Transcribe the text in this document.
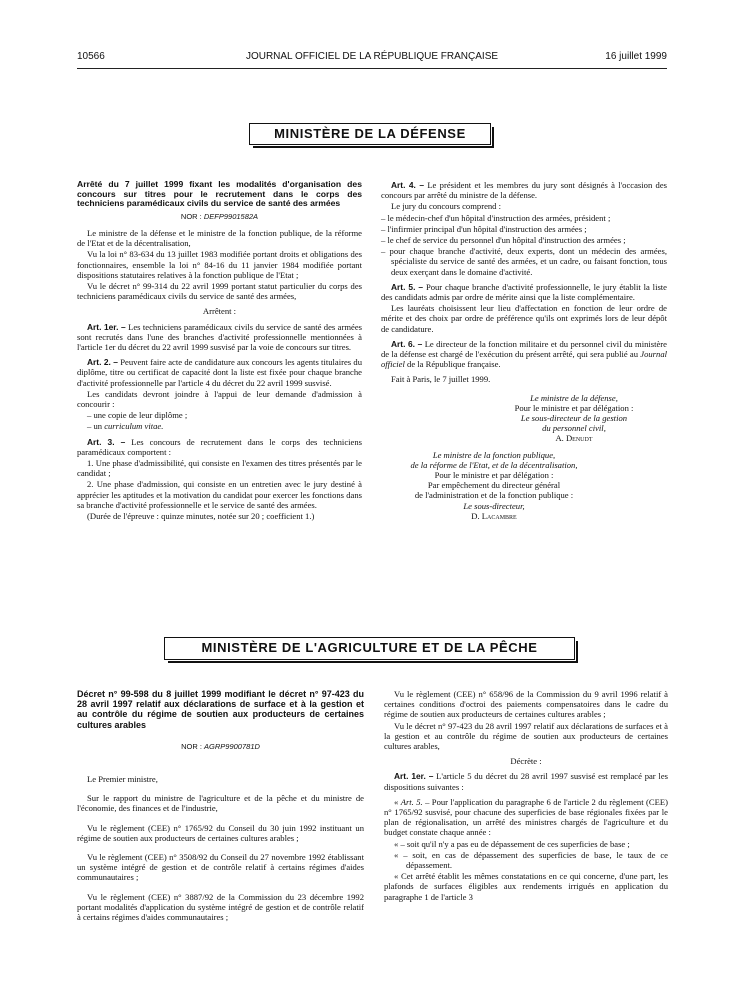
10566	JOURNAL OFFICIEL DE LA RÉPUBLIQUE FRANÇAISE	16 juillet 1999
MINISTÈRE DE LA DÉFENSE
Arrêté du 7 juillet 1999 fixant les modalités d'organisation des concours sur titres pour le recrutement dans le corps des techniciens paramédicaux civils du service de santé des armées
NOR : DEFP9901582A

Le ministre de la défense et le ministre de la fonction publique, de la réforme de l'Etat et de la décentralisation,

Vu la loi n° 83-634 du 13 juillet 1983 modifiée portant droits et obligations des fonctionnaires, ensemble la loi n° 84-16 du 11 janvier 1984 modifiée portant dispositions statutaires relatives à la fonction publique de l'Etat ;

Vu le décret n° 99-314 du 22 avril 1999 portant statut particulier du corps des techniciens paramédicaux civils du service de santé des armées,

Arrêtent :

Art. 1er. – Les techniciens paramédicaux civils du service de santé des armées sont recrutés dans l'une des branches d'activité professionnelle mentionnées à l'article 1er du décret du 22 avril 1999 susvisé par la voie de concours sur titres.

Art. 2. – Peuvent faire acte de candidature aux concours les agents titulaires du diplôme, titre ou certificat de capacité dont la liste est fixée pour chaque branche d'activité professionnelle par l'article 4 du décret du 22 avril 1999 susvisé.

Les candidats devront joindre à l'appui de leur demande d'admission à concourir :

– une copie de leur diplôme ;

– un curriculum vitae.

Art. 3. – Les concours de recrutement dans le corps des techniciens paramédicaux comportent :

1. Une phase d'admissibilité, qui consiste en l'examen des titres présentés par le candidat ;

2. Une phase d'admission, qui consiste en un entretien avec le jury destiné à apprécier les aptitudes et la motivation du candidat pour exercer les fonctions dans sa branche d'activité professionnelle et le service de santé des armées.

(Durée de l'épreuve : quinze minutes, notée sur 20 ; coefficient 1.)

Art. 4. – Le président et les membres du jury sont désignés à l'occasion des concours par arrêté du ministre de la défense.

Le jury du concours comprend :

– le médecin-chef d'un hôpital d'instruction des armées, président ;

– l'infirmier principal d'un hôpital d'instruction des armées ;

– le chef de service du personnel d'un hôpital d'instruction des armées ;

– pour chaque branche d'activité, deux experts, dont un médecin des armées, spécialiste du service de santé des armées, et un cadre, ou faisant fonction, tous deux exerçant dans le domaine d'activité.

Art. 5. – Pour chaque branche d'activité professionnelle, le jury établit la liste des candidats admis par ordre de mérite ainsi que la liste complémentaire.

Les lauréats choisissent leur lieu d'affectation en fonction de leur ordre de mérite et des choix par ordre de préférence qu'ils ont exprimés lors de leur dépôt de candidature.

Art. 6. – Le directeur de la fonction militaire et du personnel civil du ministère de la défense est chargé de l'exécution du présent arrêté, qui sera publié au Journal officiel de la République française.

Fait à Paris, le 7 juillet 1999.

Le ministre de la défense,
Pour le ministre et par délégation :
Le sous-directeur de la gestion
du personnel civil,
A. Denudt
Le ministre de la fonction publique,
de la réforme de l'Etat, et de la décentralisation,
Pour le ministre et par délégation :
Par empêchement du directeur général
de l'administration et de la fonction publique :
Le sous-directeur,
D. Lacambre
MINISTÈRE DE L'AGRICULTURE ET DE LA PÊCHE
Décret n° 99-598 du 8 juillet 1999 modifiant le décret n° 97-423 du 28 avril 1997 relatif aux déclarations de surface et à la gestion et au contrôle du régime de soutien aux producteurs de certaines cultures arables
NOR : AGRP9900781D

Le Premier ministre,

Sur le rapport du ministre de l'agriculture et de la pêche et du ministre de l'économie, des finances et de l'industrie,

Vu le règlement (CEE) n° 1765/92 du Conseil du 30 juin 1992 instituant un régime de soutien aux producteurs de certaines cultures arables ;

Vu le règlement (CEE) n° 3508/92 du Conseil du 27 novembre 1992 établissant un système intégré de gestion et de contrôle relatif à certains régimes d'aides communautaires ;

Vu le règlement (CEE) n° 3887/92 de la Commission du 23 décembre 1992 portant modalités d'application du système intégré de gestion et de contrôle relatif à certains régimes d'aides communautaires ;

Vu le règlement (CEE) n° 658/96 de la Commission du 9 avril 1996 relatif à certaines conditions d'octroi des paiements compensatoires dans le cadre du régime de soutien aux producteurs de certaines cultures arables ;

Vu le décret n° 97-423 du 28 avril 1997 relatif aux déclarations de surfaces et à la gestion et au contrôle du régime de soutien aux producteurs de certaines cultures arables,

Décrète :

Art. 1er. – L'article 5 du décret du 28 avril 1997 susvisé est remplacé par les dispositions suivantes :

« Art. 5. – Pour l'application du paragraphe 6 de l'article 2 du règlement (CEE) n° 1765/92 susvisé, pour chacune des superficies de base régionales fixées par le plan de régionalisation, un arrêté des ministres chargés de l'agriculture et du budget constate chaque année :

« – soit qu'il n'y a pas eu de dépassement de ces superficies de base ;

« – soit, en cas de dépassement des superficies de base, le taux de ce dépassement.

« Cet arrêté établit les mêmes constatations en ce qui concerne, d'une part, les plafonds de surfaces éligibles aux rendements irrigués en application du paragraphe 1 de l'article 3
